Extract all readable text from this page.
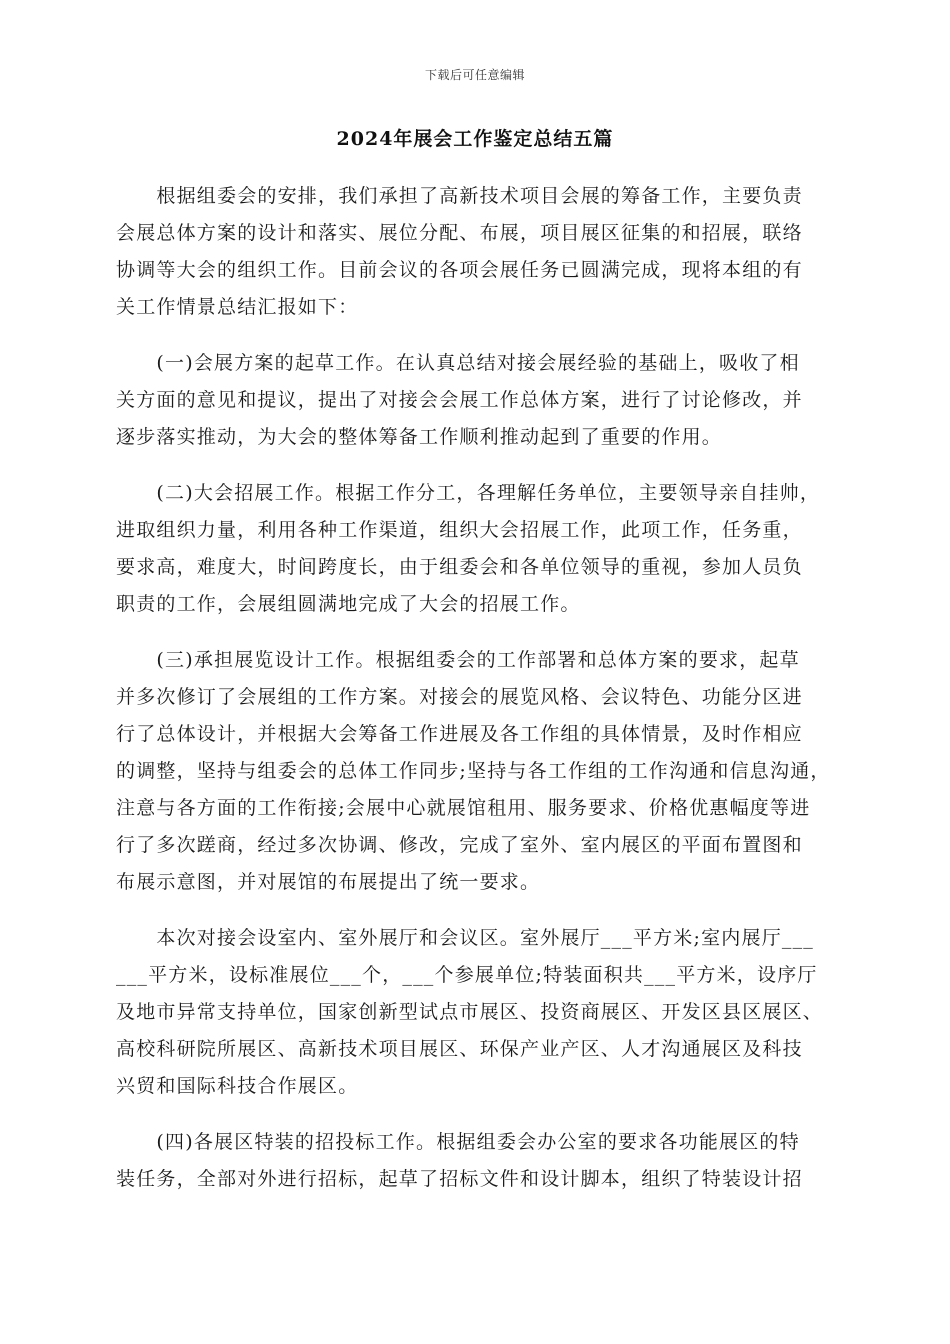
下载后可任意编辑
2024年展会工作鉴定总结五篇

　　根据组委会的安排，我们承担了高新技术项目会展的筹备工作，主要负责
会展总体方案的设计和落实、展位分配、布展，项目展区征集的和招展，联络
协调等大会的组织工作。目前会议的各项会展任务已圆满完成，现将本组的有
关工作情景总结汇报如下：

　　(一)会展方案的起草工作。在认真总结对接会展经验的基础上，吸收了相
关方面的意见和提议，提出了对接会会展工作总体方案，进行了讨论修改，并
逐步落实推动，为大会的整体筹备工作顺利推动起到了重要的作用。

　　(二)大会招展工作。根据工作分工，各理解任务单位，主要领导亲自挂帅，
进取组织力量，利用各种工作渠道，组织大会招展工作，此项工作，任务重，
要求高，难度大，时间跨度长，由于组委会和各单位领导的重视，参加人员负
职责的工作，会展组圆满地完成了大会的招展工作。

　　(三)承担展览设计工作。根据组委会的工作部署和总体方案的要求，起草
并多次修订了会展组的工作方案。对接会的展览风格、会议特色、功能分区进
行了总体设计，并根据大会筹备工作进展及各工作组的具体情景，及时作相应
的调整，坚持与组委会的总体工作同步;坚持与各工作组的工作沟通和信息沟通，
注意与各方面的工作衔接;会展中心就展馆租用、服务要求、价格优惠幅度等进
行了多次蹉商，经过多次协调、修改，完成了室外、室内展区的平面布置图和
布展示意图，并对展馆的布展提出了统一要求。

　　本次对接会设室内、室外展厅和会议区。室外展厅___平方米;室内展厅___
___平方米，设标准展位___个，___个参展单位;特装面积共___平方米，设序厅
及地市异常支持单位，国家创新型试点市展区、投资商展区、开发区县区展区、
高校科研院所展区、高新技术项目展区、环保产业产区、人才沟通展区及科技
兴贸和国际科技合作展区。

　　(四)各展区特装的招投标工作。根据组委会办公室的要求各功能展区的特
装任务，全部对外进行招标，起草了招标文件和设计脚本，组织了特装设计招
